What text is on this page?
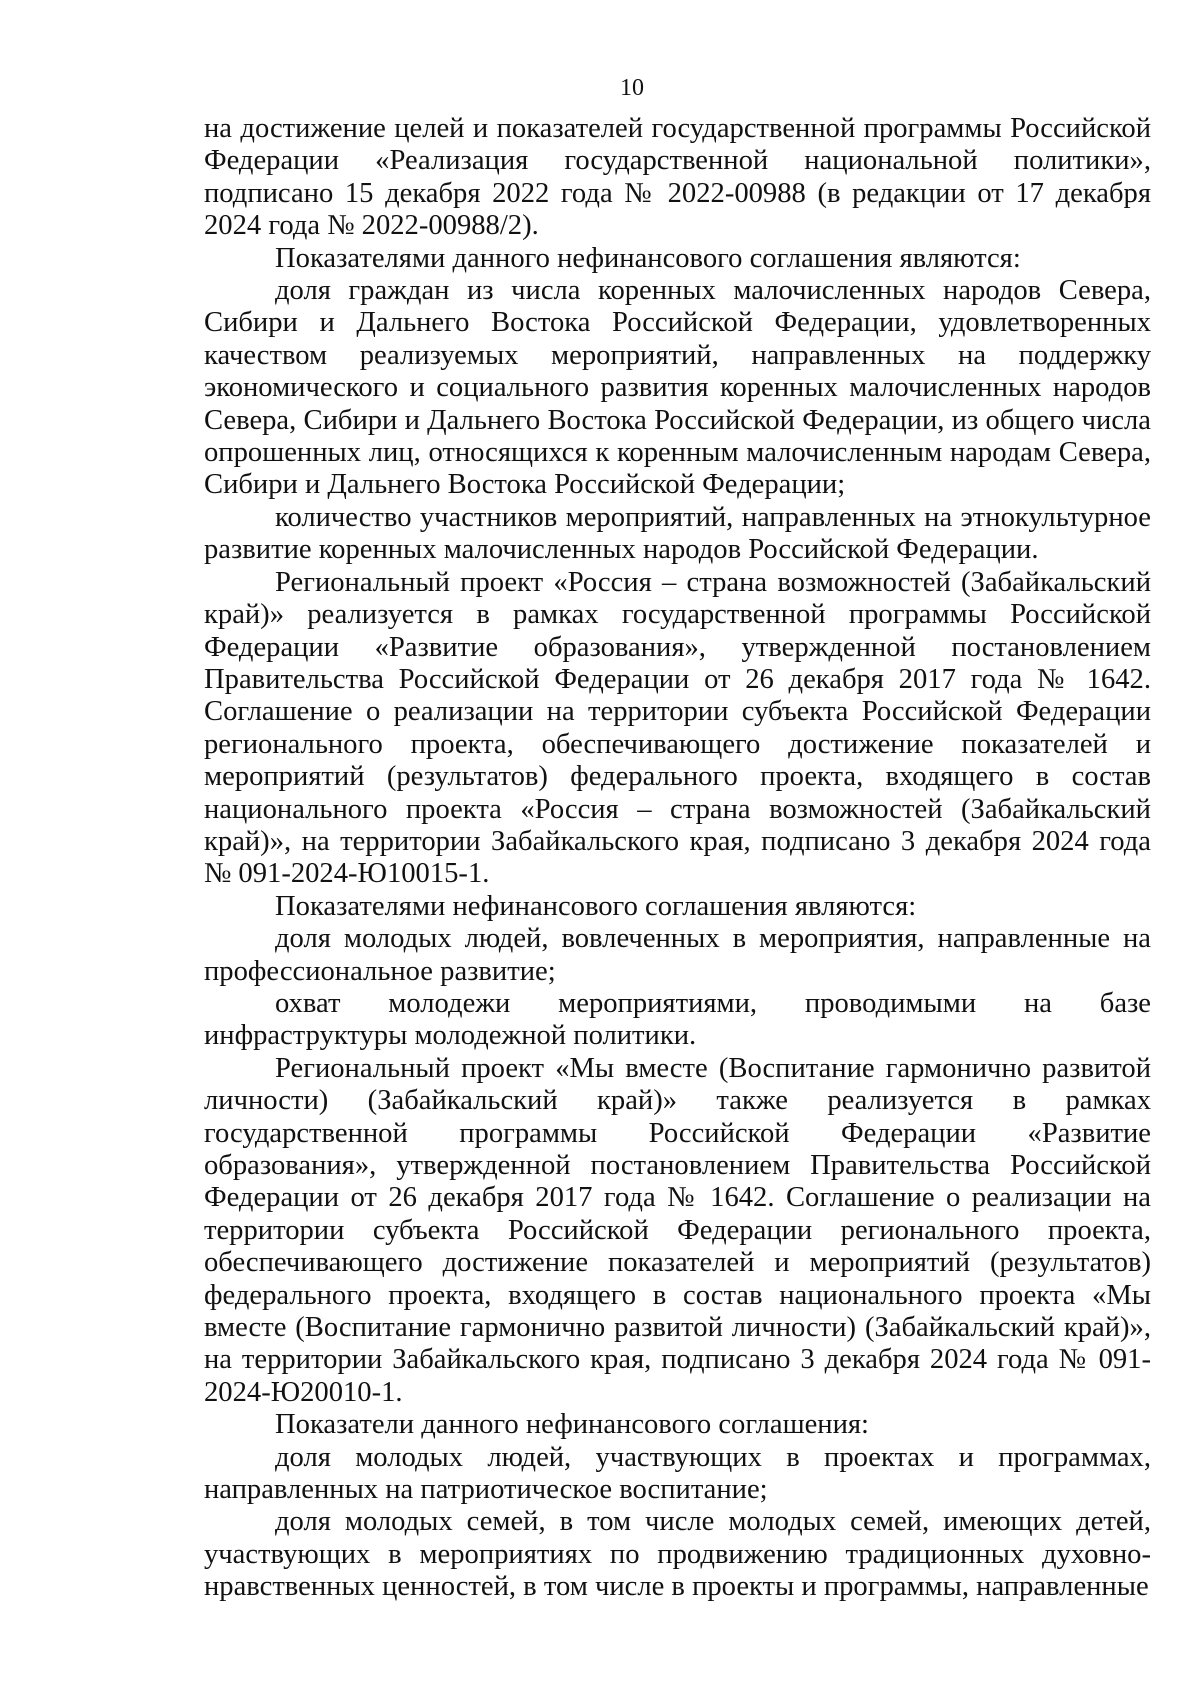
10

на достижение целей и показателей государственной программы Российской Федерации «Реализация государственной национальной политики», подписано 15 декабря 2022 года № 2022-00988 (в редакции от 17 декабря 2024 года № 2022-00988/2).

Показателями данного нефинансового соглашения являются:

доля граждан из числа коренных малочисленных народов Севера, Сибири и Дальнего Востока Российской Федерации, удовлетворенных качеством реализуемых мероприятий, направленных на поддержку экономического и социального развития коренных малочисленных народов Севера, Сибири и Дальнего Востока Российской Федерации, из общего числа опрошенных лиц, относящихся к коренным малочисленным народам Севера, Сибири и Дальнего Востока Российской Федерации;

количество участников мероприятий, направленных на этнокультурное развитие коренных малочисленных народов Российской Федерации.

Региональный проект «Россия – страна возможностей (Забайкальский край)» реализуется в рамках государственной программы Российской Федерации «Развитие образования», утвержденной постановлением Правительства Российской Федерации от 26 декабря 2017 года № 1642. Соглашение о реализации на территории субъекта Российской Федерации регионального проекта, обеспечивающего достижение показателей и мероприятий (результатов) федерального проекта, входящего в состав национального проекта «Россия – страна возможностей (Забайкальский край)», на территории Забайкальского края, подписано 3 декабря 2024 года № 091-2024-Ю10015-1.

Показателями нефинансового соглашения являются:

доля молодых людей, вовлеченных в мероприятия, направленные на профессиональное развитие;

охват молодежи мероприятиями, проводимыми на базе инфраструктуры молодежной политики.

Региональный проект «Мы вместе (Воспитание гармонично развитой личности) (Забайкальский край)» также реализуется в рамках государственной программы Российской Федерации «Развитие образования», утвержденной постановлением Правительства Российской Федерации от 26 декабря 2017 года № 1642. Соглашение о реализации на территории субъекта Российской Федерации регионального проекта, обеспечивающего достижение показателей и мероприятий (результатов) федерального проекта, входящего в состав национального проекта «Мы вместе (Воспитание гармонично развитой личности) (Забайкальский край)», на территории Забайкальского края, подписано 3 декабря 2024 года № 091-2024-Ю20010-1.

Показатели данного нефинансового соглашения:

доля молодых людей, участвующих в проектах и программах, направленных на патриотическое воспитание;

доля молодых семей, в том числе молодых семей, имеющих детей, участвующих в мероприятиях по продвижению традиционных духовно-нравственных ценностей, в том числе в проекты и программы, направленные
